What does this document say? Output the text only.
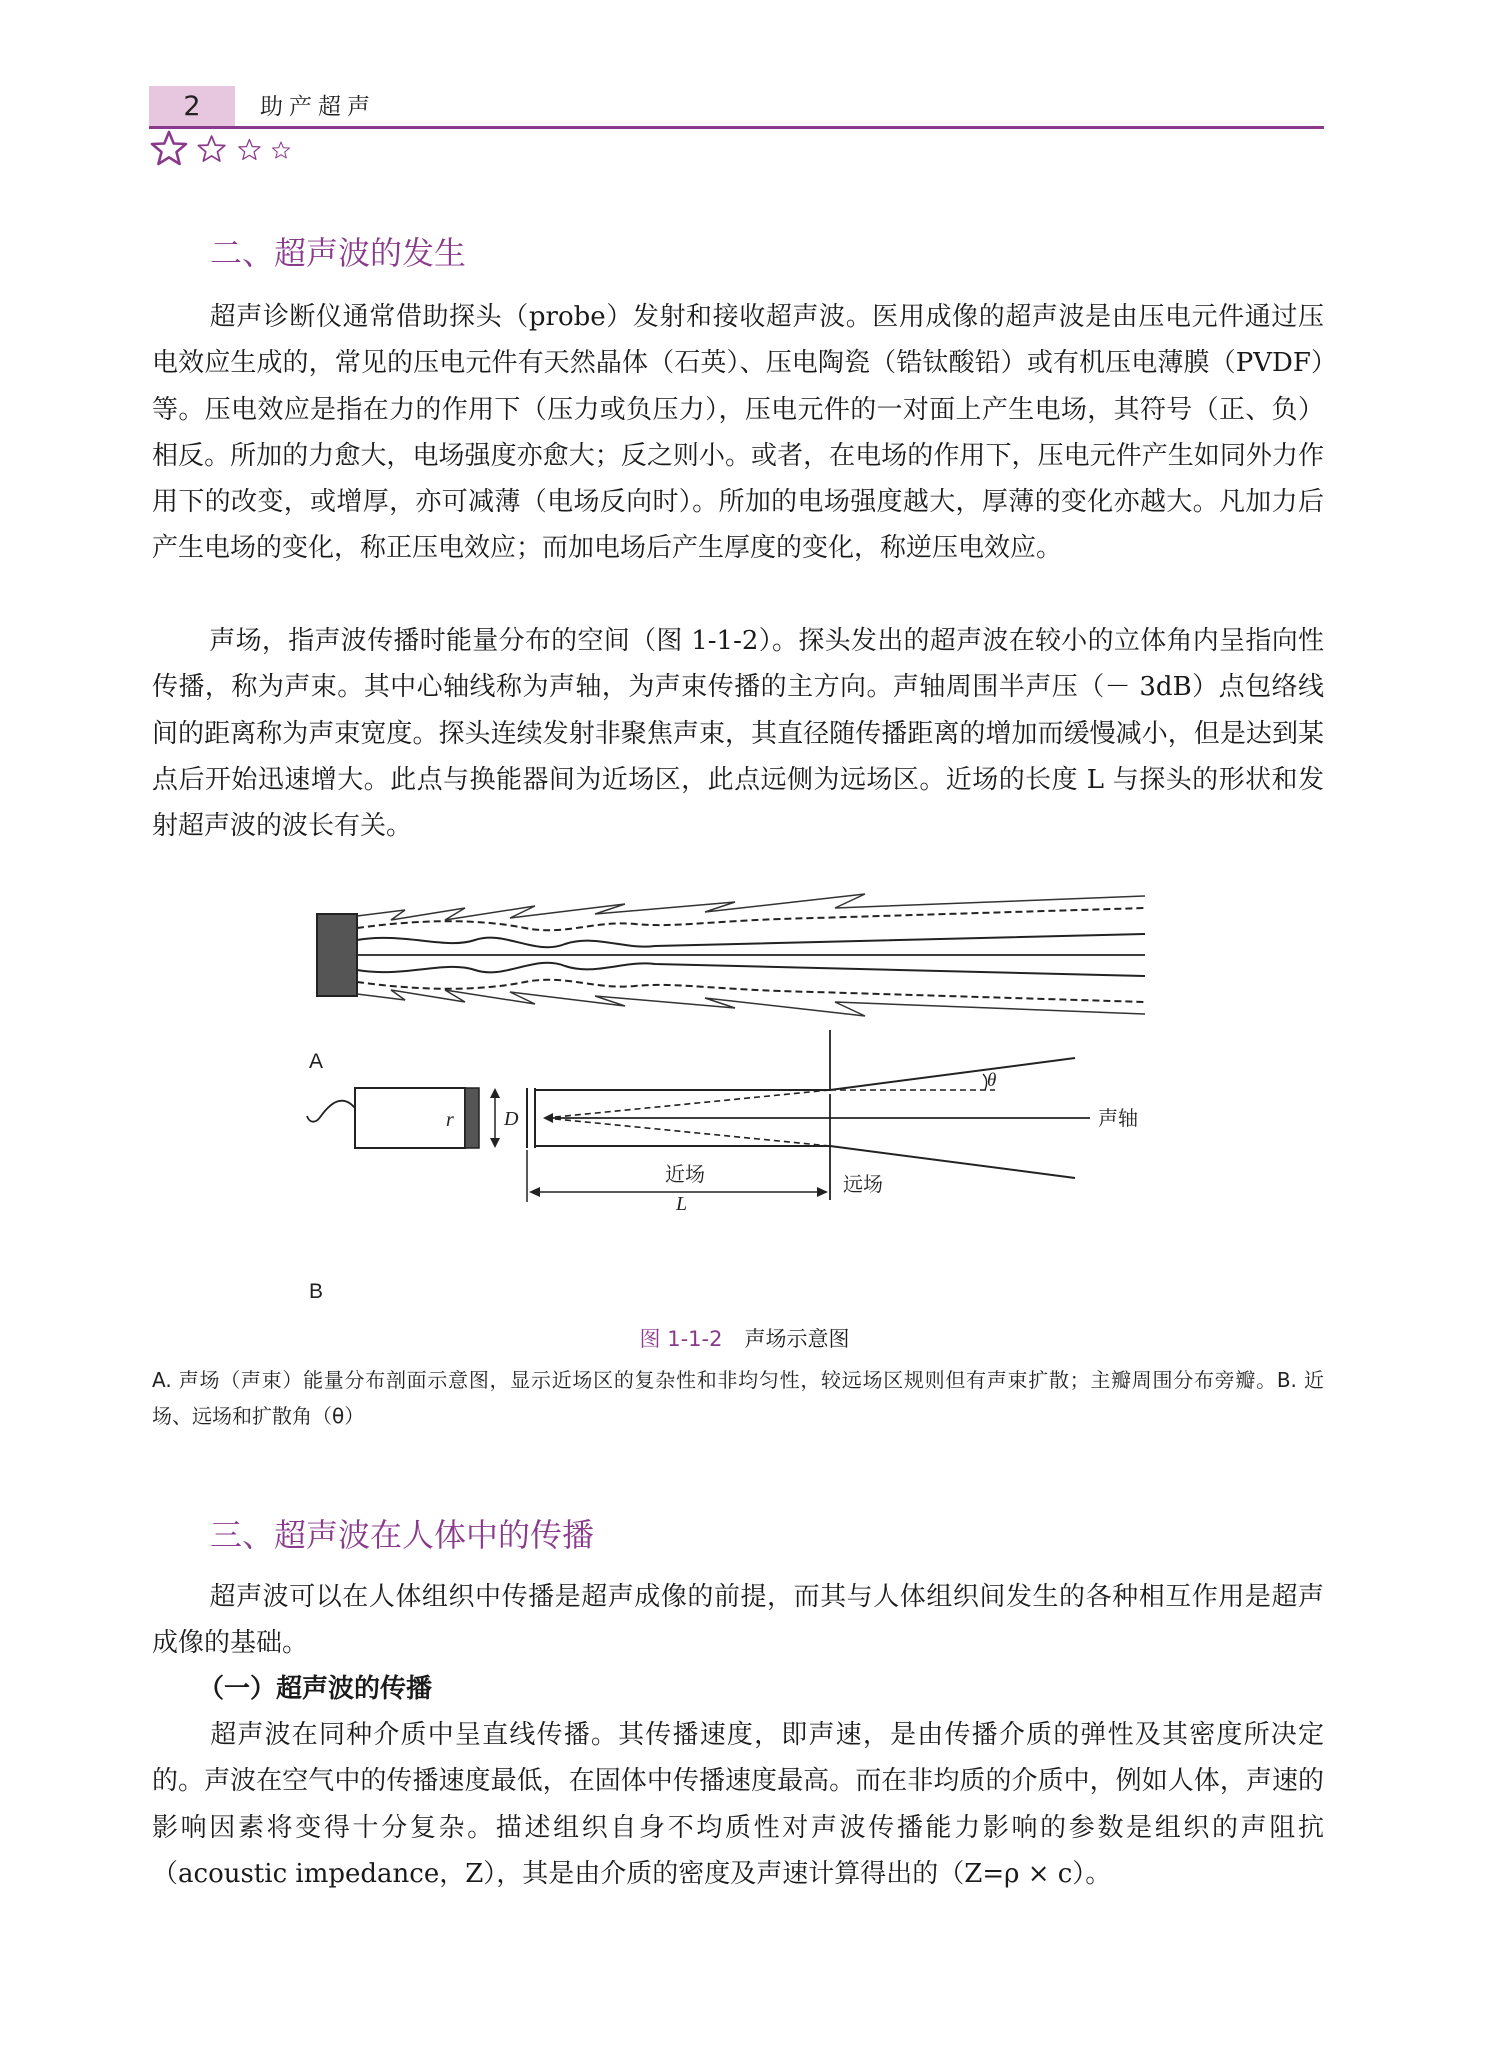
2	助产超声
二、超声波的发生

超声诊断仪通常借助探头（probe）发射和接收超声波。医用成像的超声波是由压电元件通过压电效应生成的，常见的压电元件有天然晶体（石英）、压电陶瓷（锆钛酸铅）或有机压电薄膜（PVDF）等。压电效应是指在力的作用下（压力或负压力），压电元件的一对面上产生电场，其符号（正、负）相反。所加的力愈大，电场强度亦愈大；反之则小。或者，在电场的作用下，压电元件产生如同外力作用下的改变，或增厚，亦可减薄（电场反向时）。所加的电场强度越大，厚薄的变化亦越大。凡加力后产生电场的变化，称正压电效应；而加电场后产生厚度的变化，称逆压电效应。

声场，指声波传播时能量分布的空间（图 1-1-2）。探头发出的超声波在较小的立体角内呈指向性传播，称为声束。其中心轴线称为声轴，为声束传播的主方向。声轴周围半声压（－ 3dB）点包络线间的距离称为声束宽度。探头连续发射非聚焦声束，其直径随传播距离的增加而缓慢减小，但是达到某点后开始迅速增大。此点与换能器间为近场区，此点远侧为远场区。近场的长度 L 与探头的形状和发射超声波的波长有关。

A
r	D
θ
声轴
近场
L
远场
B
图 1-1-2 声场示意图
A. 声场（声束）能量分布剖面示意图，显示近场区的复杂性和非均匀性，较远场区规则但有声束扩散；主瓣周围分布旁瓣。B. 近场、远场和扩散角（θ）
三、超声波在人体中的传播

超声波可以在人体组织中传播是超声成像的前提，而其与人体组织间发生的各种相互作用是超声成像的基础。

（一）超声波的传播

超声波在同种介质中呈直线传播。其传播速度，即声速，是由传播介质的弹性及其密度所决定的。声波在空气中的传播速度最低，在固体中传播速度最高。而在非均质的介质中，例如人体，声速的影响因素将变得十分复杂。描述组织自身不均质性对声波传播能力影响的参数是组织的声阻抗（acoustic impedance，Z），其是由介质的密度及声速计算得出的（Z=ρ × c）。
